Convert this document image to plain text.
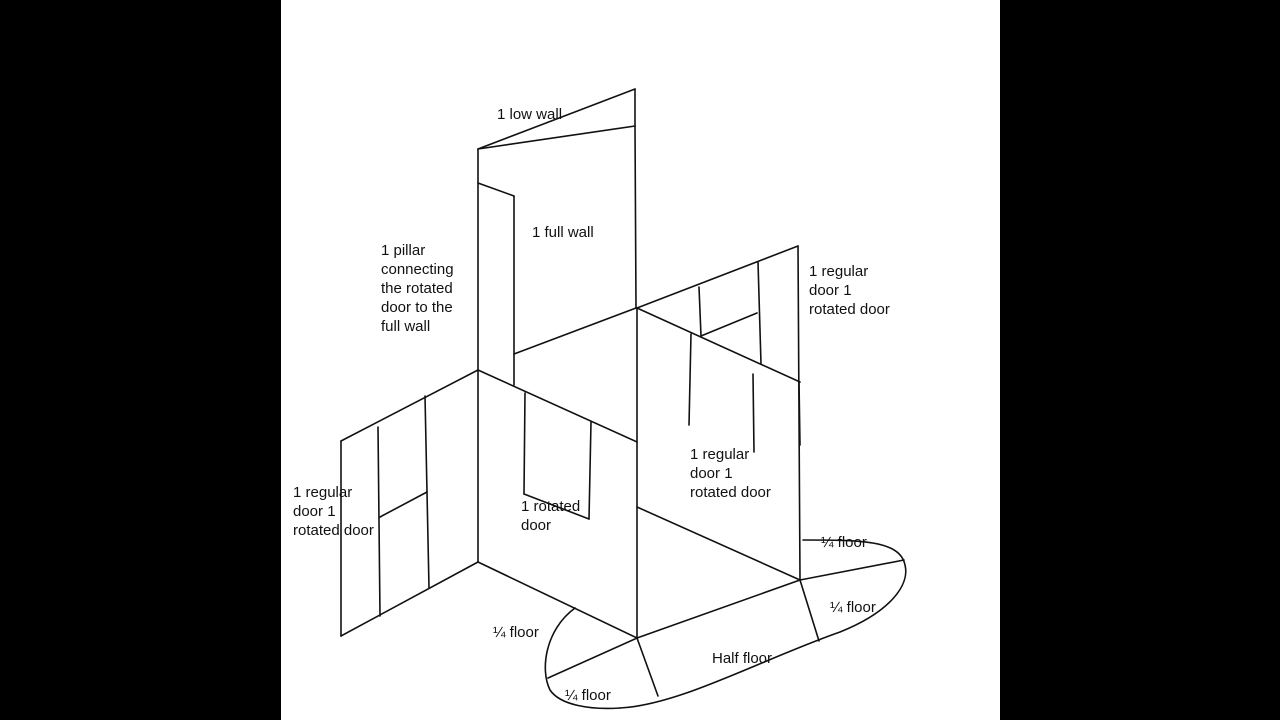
1 low wall
1 full wall
1 pillar
connecting
the rotated
door to the
full wall
1 regular
door 1
rotated door
1 regular
door 1
rotated door
1 regular
door 1
rotated door
1 rotated
door
¼ floor
¼ floor
¼ floor
Half floor
¼ floor
